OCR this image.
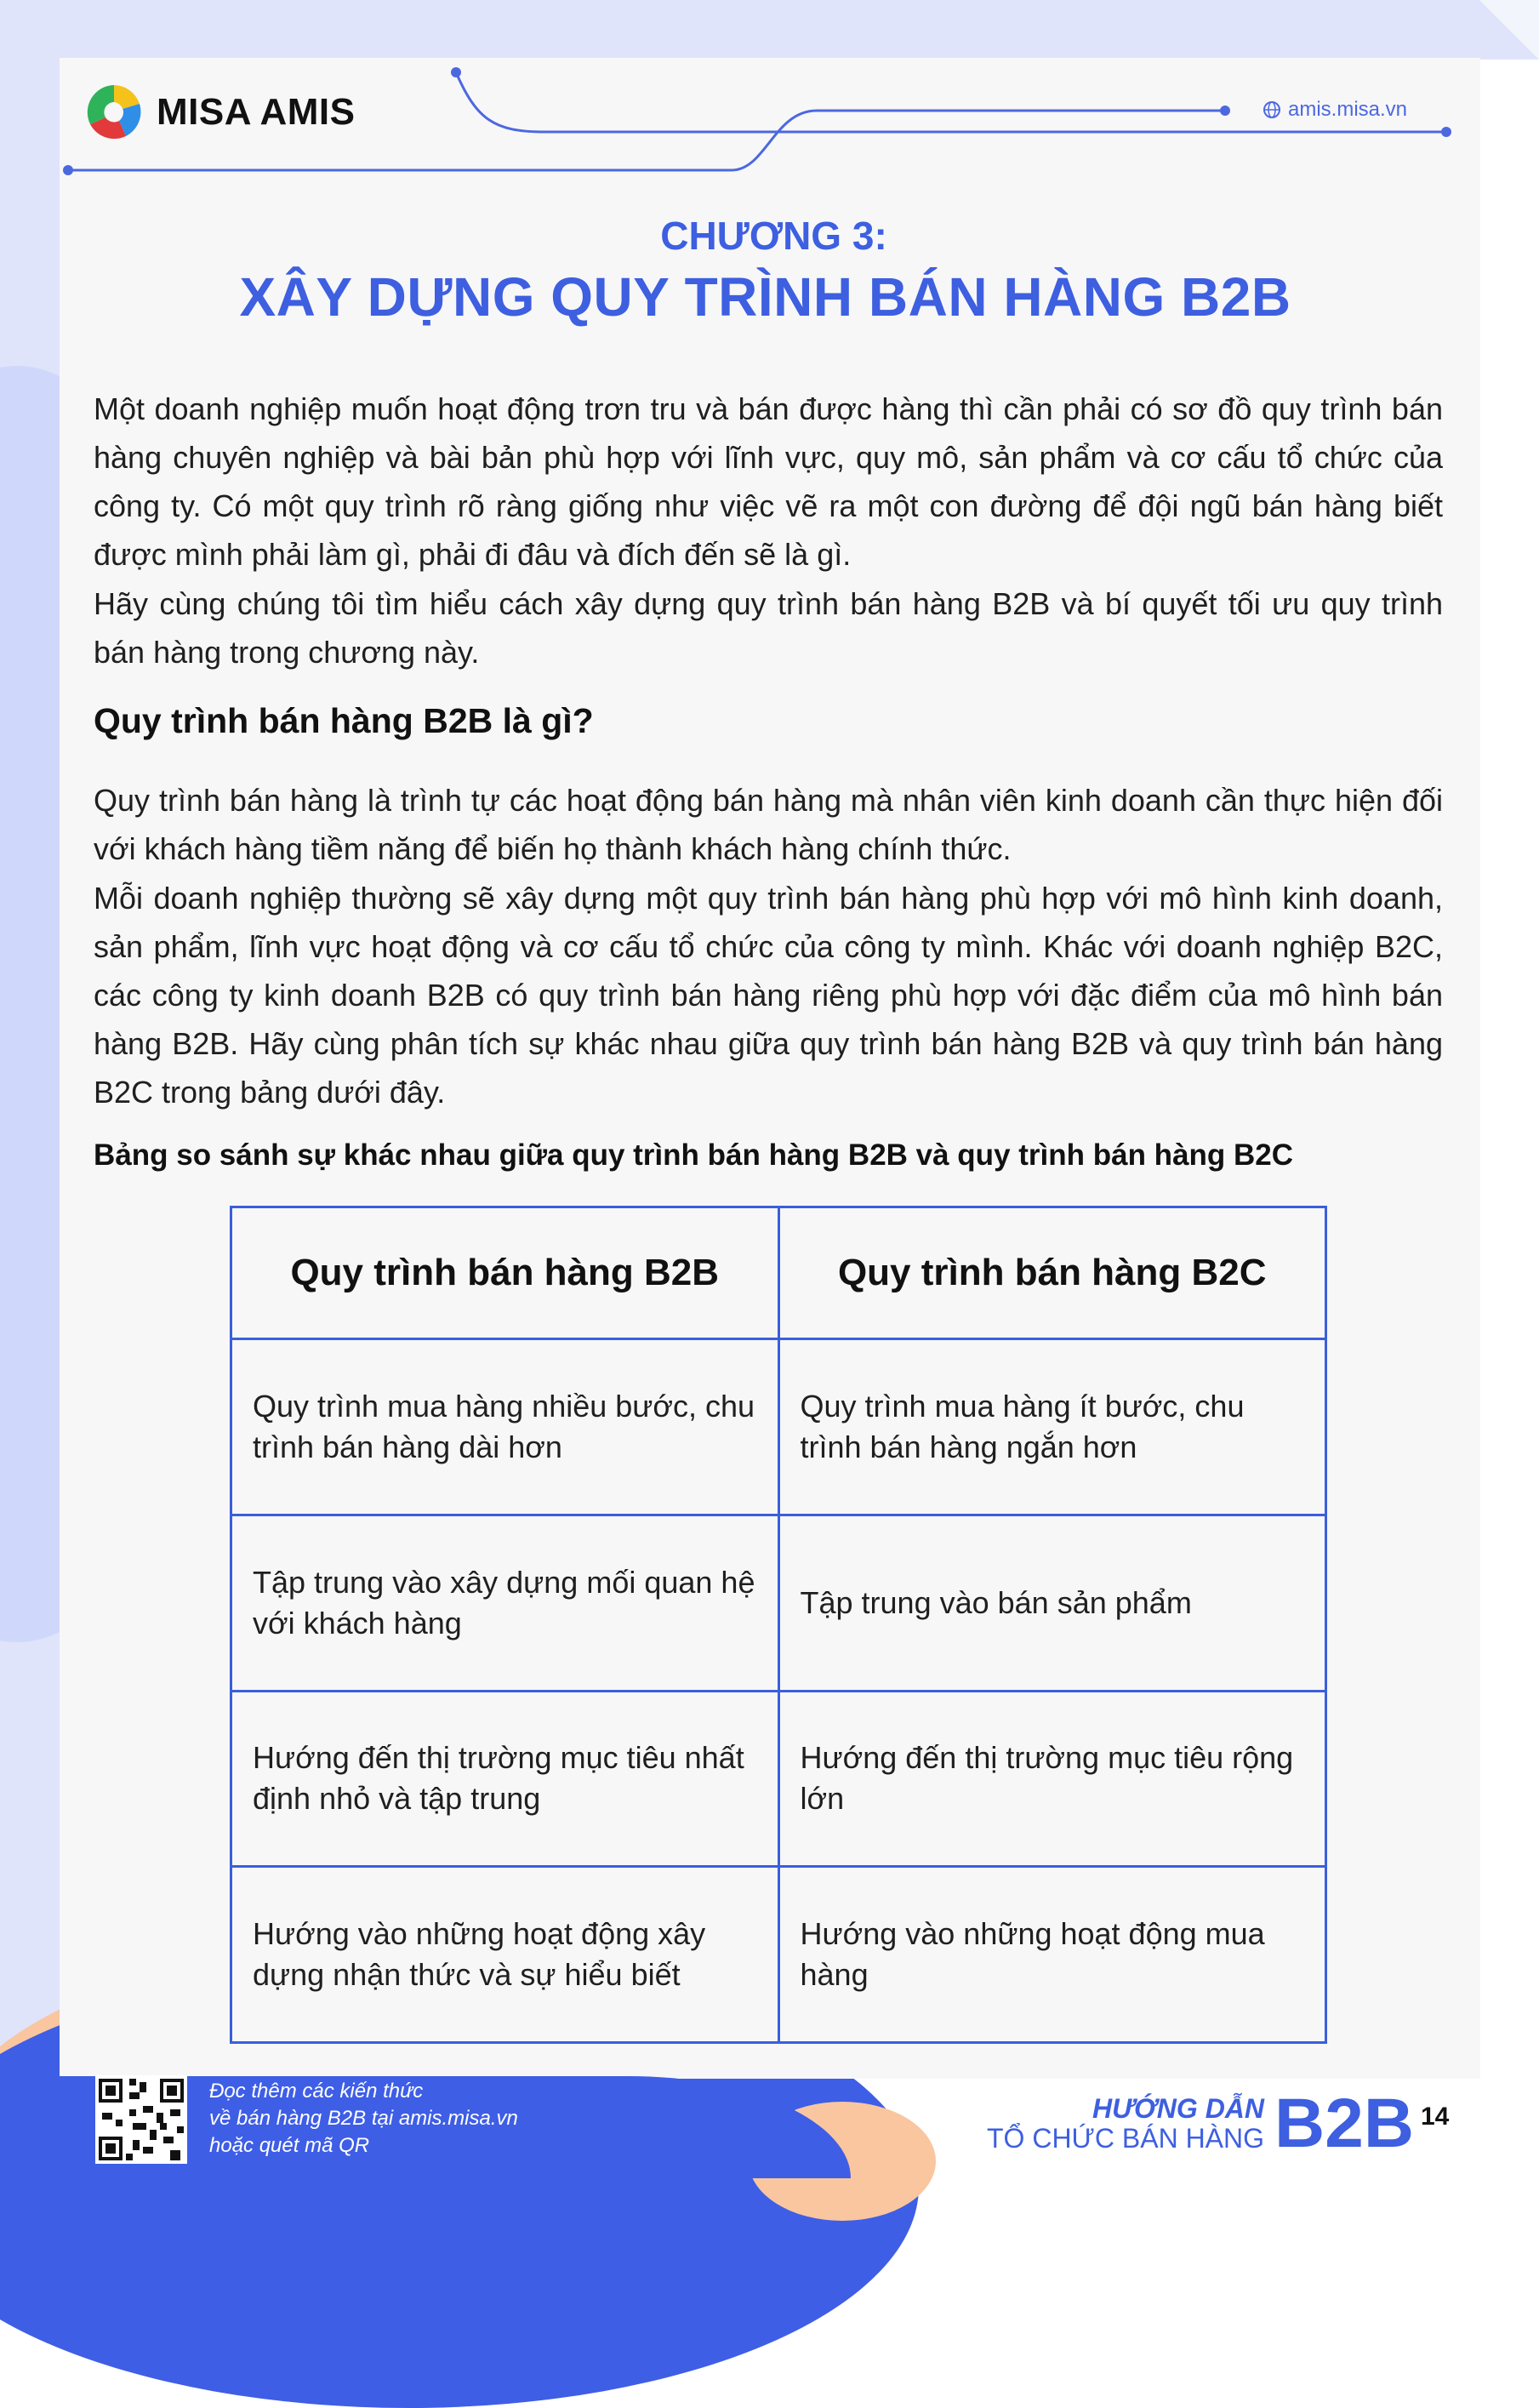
MISA AMIS	amis.misa.vn
CHƯƠNG 3:
XÂY DỰNG QUY TRÌNH BÁN HÀNG B2B
Một doanh nghiệp muốn hoạt động trơn tru và bán được hàng thì cần phải có sơ đồ quy trình bán hàng chuyên nghiệp và bài bản phù hợp với lĩnh vực, quy mô, sản phẩm và cơ cấu tổ chức của công ty. Có một quy trình rõ ràng giống như việc vẽ ra một con đường để đội ngũ bán hàng biết được mình phải làm gì, phải đi đâu và đích đến sẽ là gì.
Hãy cùng chúng tôi tìm hiểu cách xây dựng quy trình bán hàng B2B và bí quyết tối ưu quy trình bán hàng trong chương này.
Quy trình bán hàng B2B là gì?
Quy trình bán hàng là trình tự các hoạt động bán hàng mà nhân viên kinh doanh cần thực hiện đối với khách hàng tiềm năng để biến họ thành khách hàng chính thức.
Mỗi doanh nghiệp thường sẽ xây dựng một quy trình bán hàng phù hợp với mô hình kinh doanh, sản phẩm, lĩnh vực hoạt động và cơ cấu tổ chức của công ty mình. Khác với doanh nghiệp B2C, các công ty kinh doanh B2B có quy trình bán hàng riêng phù hợp với đặc điểm của mô hình bán hàng B2B. Hãy cùng phân tích sự khác nhau giữa quy trình bán hàng B2B và quy trình bán hàng B2C trong bảng dưới đây.
Bảng so sánh sự khác nhau giữa quy trình bán hàng B2B và quy trình bán hàng B2C
Quy trình bán hàng B2B	Quy trình bán hàng B2C
Quy trình mua hàng nhiều bước, chu trình bán hàng dài hơn	Quy trình mua hàng ít bước, chu trình bán hàng ngắn hơn
Tập trung vào xây dựng mối quan hệ với khách hàng	Tập trung vào bán sản phẩm
Hướng đến thị trường mục tiêu nhất định nhỏ và tập trung	Hướng đến thị trường mục tiêu rộng lớn
Hướng vào những hoạt động xây dựng nhận thức và sự hiểu biết	Hướng vào những hoạt động mua hàng
Đọc thêm các kiến thức
về bán hàng B2B tại amis.misa.vn
hoặc quét mã QR
HƯỚNG DẪN
TỔ CHỨC BÁN HÀNG B2B 14
